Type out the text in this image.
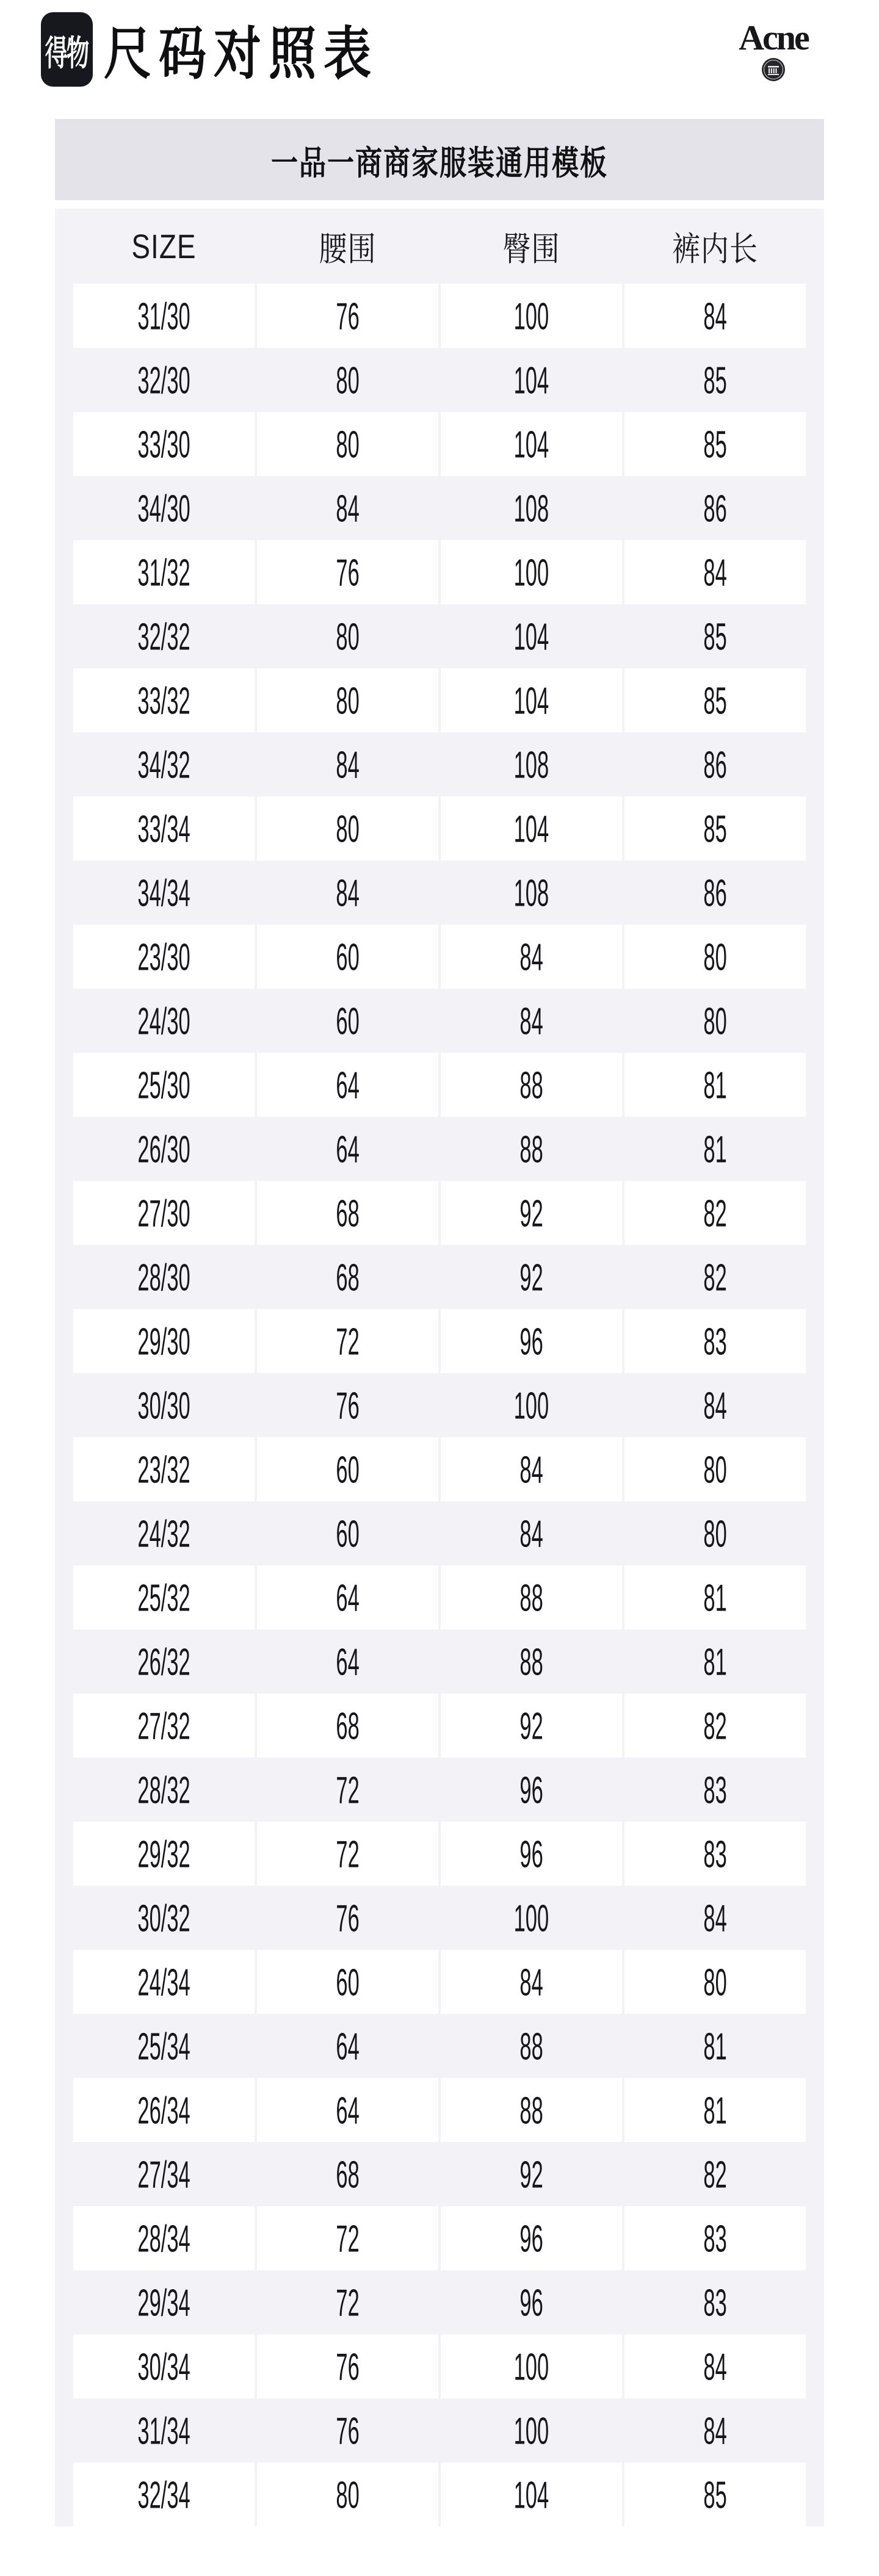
得物 尺码对照表	Acne
一品一商商家服装通用模板
SIZE	腰围	臀围	裤内长
31/30	76	100	84
32/30	80	104	85
33/30	80	104	85
34/30	84	108	86
31/32	76	100	84
32/32	80	104	85
33/32	80	104	85
34/32	84	108	86
33/34	80	104	85
34/34	84	108	86
23/30	60	84	80
24/30	60	84	80
25/30	64	88	81
26/30	64	88	81
27/30	68	92	82
28/30	68	92	82
29/30	72	96	83
30/30	76	100	84
23/32	60	84	80
24/32	60	84	80
25/32	64	88	81
26/32	64	88	81
27/32	68	92	82
28/32	72	96	83
29/32	72	96	83
30/32	76	100	84
24/34	60	84	80
25/34	64	88	81
26/34	64	88	81
27/34	68	92	82
28/34	72	96	83
29/34	72	96	83
30/34	76	100	84
31/34	76	100	84
32/34	80	104	85
